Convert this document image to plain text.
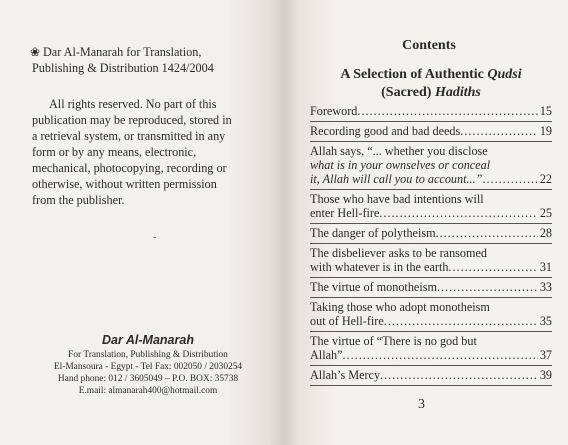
❀ Dar Al-Manarah for Translation,
Publishing & Distribution 1424/2004
All rights reserved. No part of this
publication may be reproduced, stored in
a retrieval system, or transmitted in any
form or by any means, electronic,
mechanical, photocopying, recording or
otherwise, without written permission
from the publisher.
-
Dar Al-Manarah
For Translation, Publishing & Distribution
El-Mansoura - Egypt - Tel Fax: 002050 / 2030254
Hand phone: 012 / 3605049 – P.O. BOX: 35738
E.mail: almanarah400@hotmail.com
Contents
A Selection of Authentic Qudsi
(Sacred) Hadiths
Foreword .....	15
Recording good and bad deeds .....	19
Allah says, “... whether you disclose
what is in your ownselves or conceal
it, Allah will call you to account...” .....	22
Those who have bad intentions will
enter Hell-fire .....	25
The danger of polytheism .....	28
The disbeliever asks to be ransomed
with whatever is in the earth .....	31
The virtue of monotheism .....	33
Taking those who adopt monotheism
out of Hell-fire .....	35
The virtue of “There is no god but
Allah” .....	37
Allah’s Mercy .....	39
3
